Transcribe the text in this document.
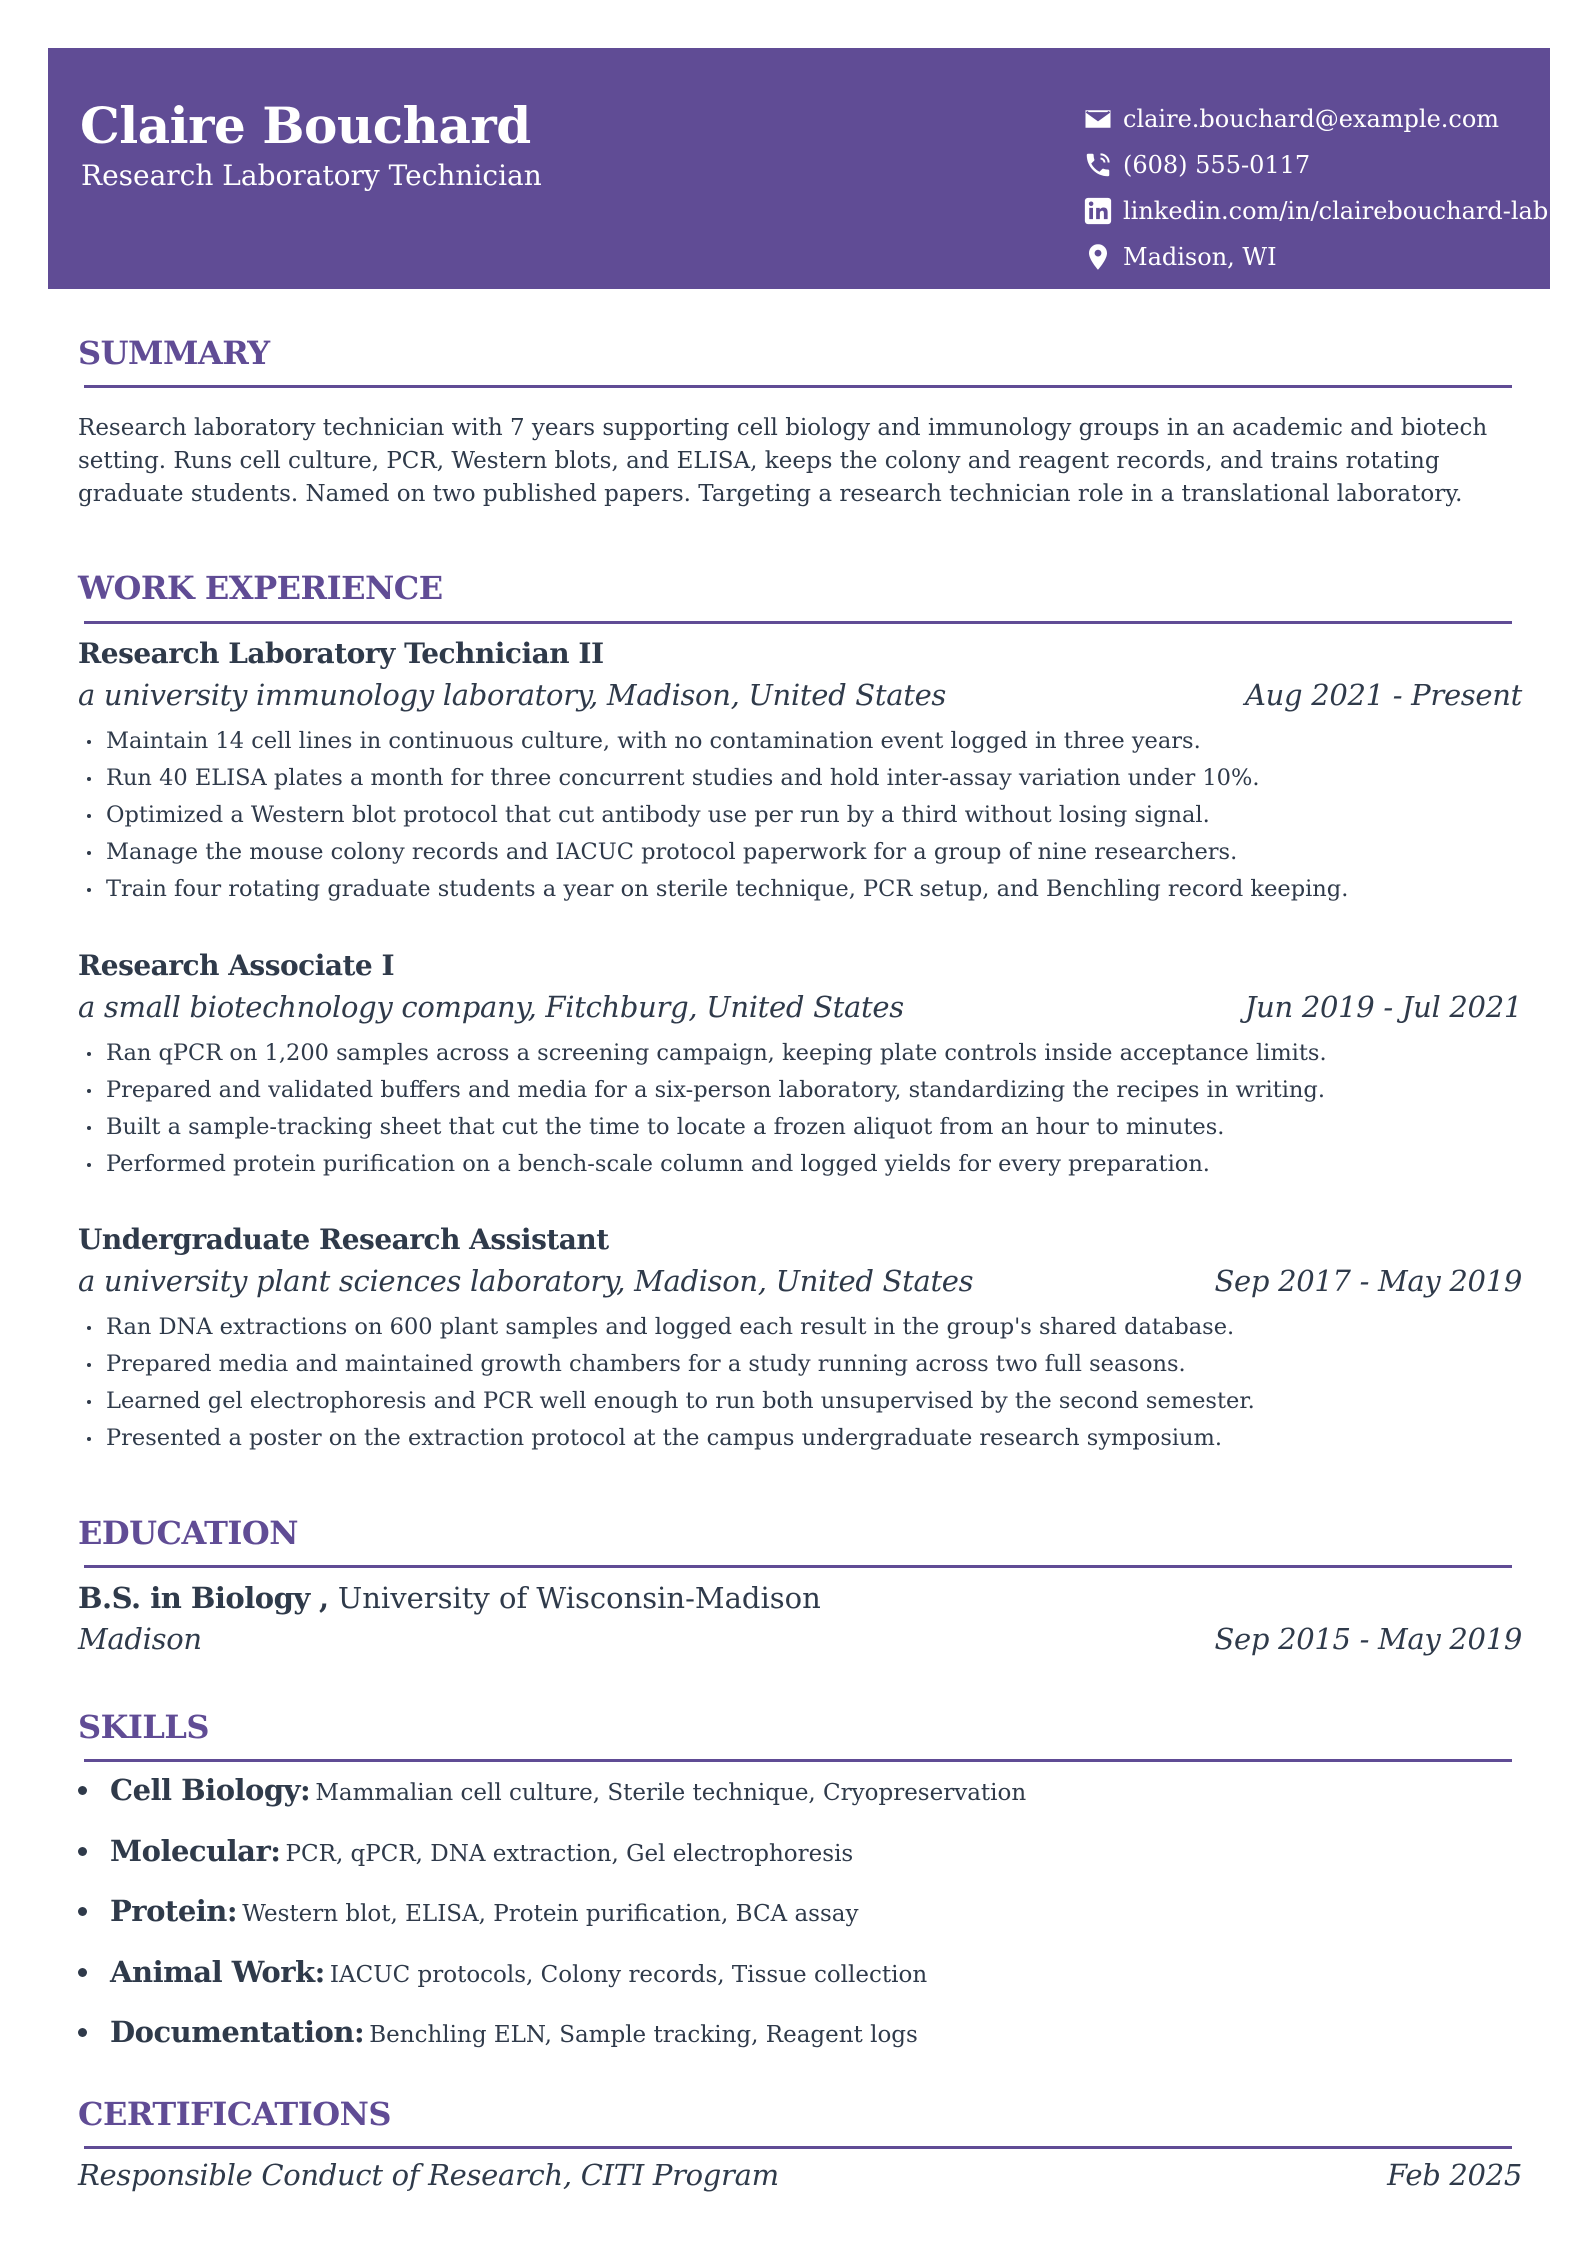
Claire Bouchard
Research Laboratory Technician
claire.bouchard@example.com
(608) 555-0117
linkedin.com/in/clairebouchard-lab
Madison, WI
SUMMARY
Research laboratory technician with 7 years supporting cell biology and immunology groups in an academic and biotech setting. Runs cell culture, PCR, Western blots, and ELISA, keeps the colony and reagent records, and trains rotating graduate students. Named on two published papers. Targeting a research technician role in a translational laboratory.
WORK EXPERIENCE
Research Laboratory Technician II
a university immunology laboratory, Madison, United States	Aug 2021 - Present
Maintain 14 cell lines in continuous culture, with no contamination event logged in three years.
Run 40 ELISA plates a month for three concurrent studies and hold inter-assay variation under 10%.
Optimized a Western blot protocol that cut antibody use per run by a third without losing signal.
Manage the mouse colony records and IACUC protocol paperwork for a group of nine researchers.
Train four rotating graduate students a year on sterile technique, PCR setup, and Benchling record keeping.
Research Associate I
a small biotechnology company, Fitchburg, United States	Jun 2019 - Jul 2021
Ran qPCR on 1,200 samples across a screening campaign, keeping plate controls inside acceptance limits.
Prepared and validated buffers and media for a six-person laboratory, standardizing the recipes in writing.
Built a sample-tracking sheet that cut the time to locate a frozen aliquot from an hour to minutes.
Performed protein purification on a bench-scale column and logged yields for every preparation.
Undergraduate Research Assistant
a university plant sciences laboratory, Madison, United States	Sep 2017 - May 2019
Ran DNA extractions on 600 plant samples and logged each result in the group's shared database.
Prepared media and maintained growth chambers for a study running across two full seasons.
Learned gel electrophoresis and PCR well enough to run both unsupervised by the second semester.
Presented a poster on the extraction protocol at the campus undergraduate research symposium.
EDUCATION
B.S. in Biology , University of Wisconsin-Madison
Madison	Sep 2015 - May 2019
SKILLS
Cell Biology: Mammalian cell culture, Sterile technique, Cryopreservation
Molecular: PCR, qPCR, DNA extraction, Gel electrophoresis
Protein: Western blot, ELISA, Protein purification, BCA assay
Animal Work: IACUC protocols, Colony records, Tissue collection
Documentation: Benchling ELN, Sample tracking, Reagent logs
CERTIFICATIONS
Responsible Conduct of Research, CITI Program	Feb 2025
